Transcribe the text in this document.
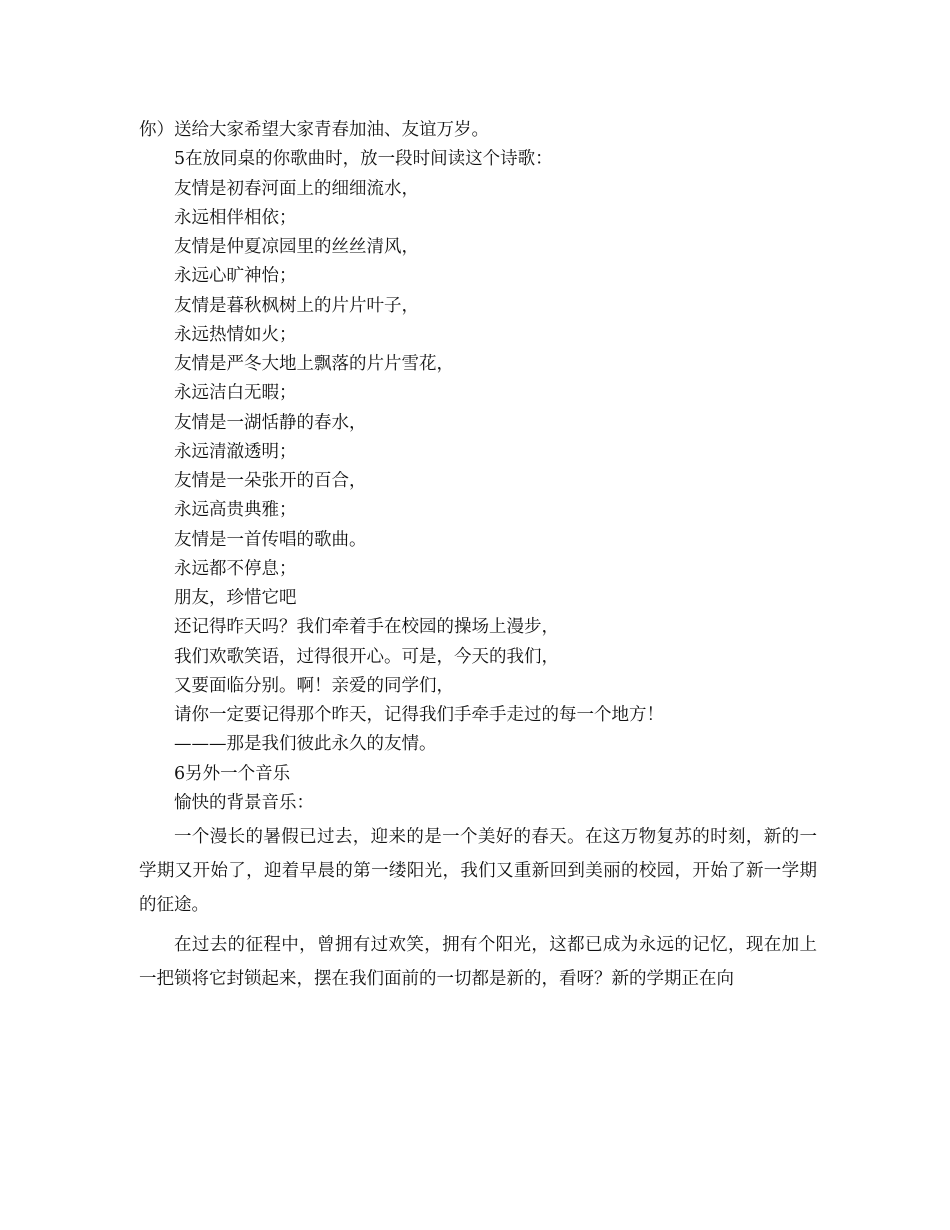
你）送给大家希望大家青春加油、友谊万岁。

5在放同桌的你歌曲时，放一段时间读这个诗歌：

友情是初春河面上的细细流水，

永远相伴相依；

友情是仲夏凉园里的丝丝清风，

永远心旷神怡；

友情是暮秋枫树上的片片叶子，

永远热情如火；

友情是严冬大地上飘落的片片雪花，

永远洁白无暇；

友情是一湖恬静的春水，

永远清澈透明；

友情是一朵张开的百合，

永远高贵典雅；

友情是一首传唱的歌曲。

永远都不停息；

朋友，珍惜它吧

还记得昨天吗？我们牵着手在校园的操场上漫步，

我们欢歌笑语，过得很开心。可是，今天的我们，

又要面临分别。啊！亲爱的同学们，

请你一定要记得那个昨天，记得我们手牵手走过的每一个地方！

———那是我们彼此永久的友情。

6另外一个音乐

愉快的背景音乐：

一个漫长的暑假已过去，迎来的是一个美好的春天。在这万物复苏的时刻，新的一学期又开始了，迎着早晨的第一缕阳光，我们又重新回到美丽的校园，开始了新一学期的征途。

在过去的征程中，曾拥有过欢笑，拥有个阳光，这都已成为永远的记忆，现在加上一把锁将它封锁起来，摆在我们面前的一切都是新的，看呀？新的学期正在向
